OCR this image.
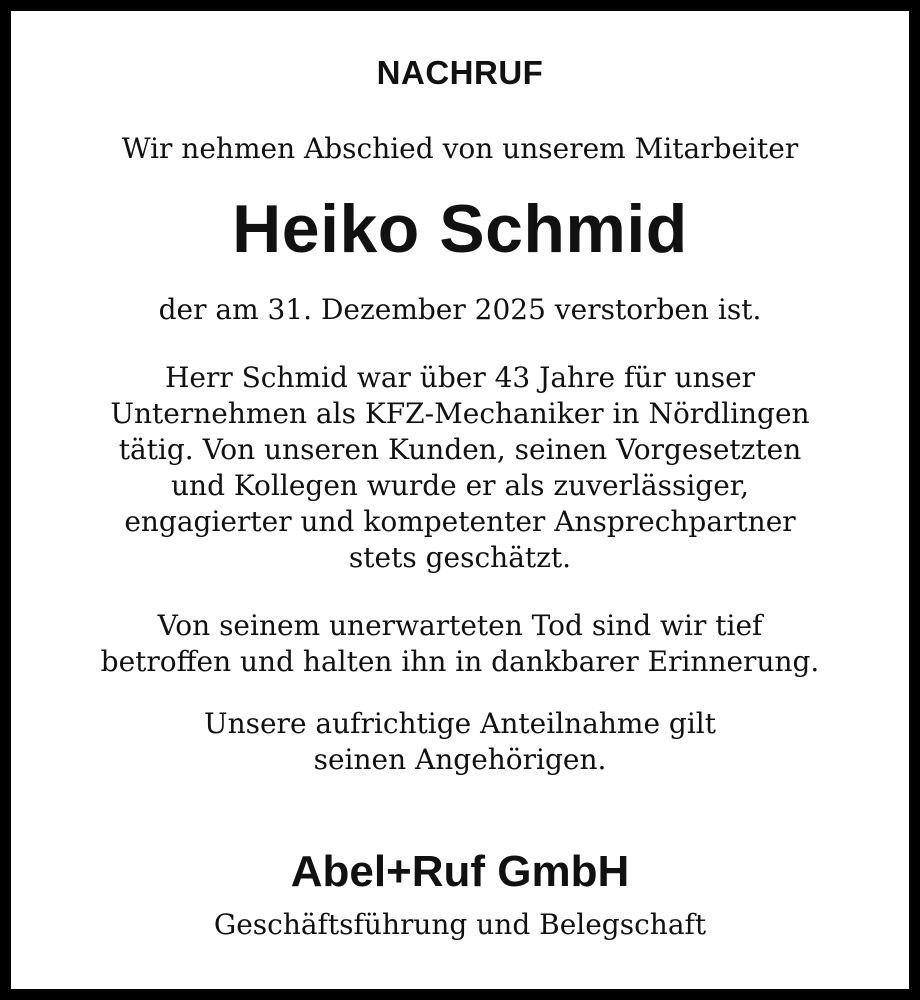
NACHRUF
Wir nehmen Abschied von unserem Mitarbeiter
Heiko Schmid
der am 31. Dezember 2025 verstorben ist.
Herr Schmid war über 43 Jahre für unser
Unternehmen als KFZ-Mechaniker in Nördlingen
tätig. Von unseren Kunden, seinen Vorgesetzten
und Kollegen wurde er als zuverlässiger,
engagierter und kompetenter Ansprechpartner
stets geschätzt.
Von seinem unerwarteten Tod sind wir tief
betroffen und halten ihn in dankbarer Erinnerung.
Unsere aufrichtige Anteilnahme gilt
seinen Angehörigen.
Abel+Ruf GmbH
Geschäftsführung und Belegschaft
